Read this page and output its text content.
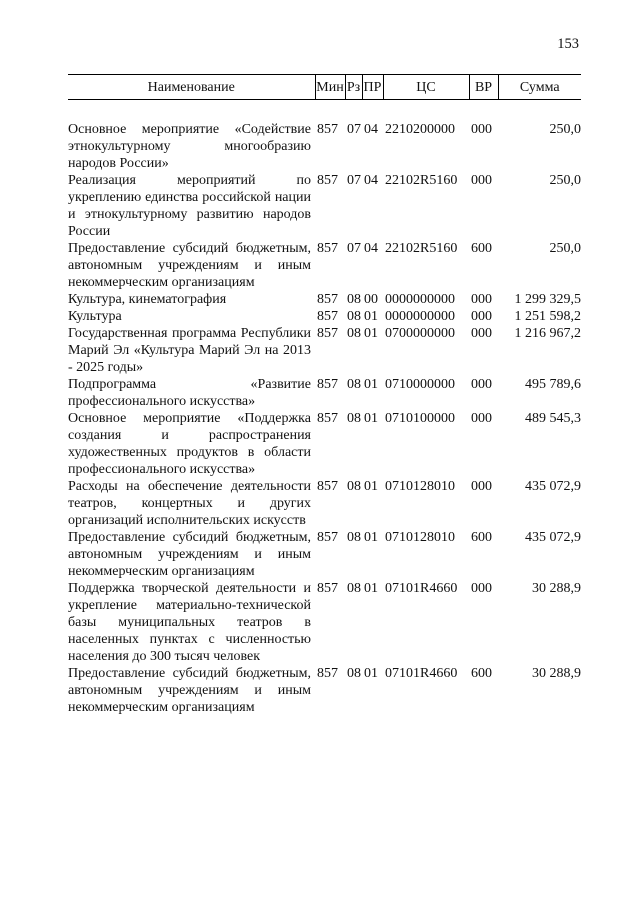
153
Наименование	Мин	Рз	ПР	ЦС	ВР	Сумма

Основное мероприятие «Содействие этнокультурному многообразию народов России»	857	07	04	2210200000	000	250,0
Реализация мероприятий по укреплению единства российской нации и этнокультурному развитию народов России	857	07	04	22102R5160	000	250,0
Предоставление субсидий бюджетным, автономным учреждениям и иным некоммерческим организациям	857	07	04	22102R5160	600	250,0
Культура, кинематография	857	08	00	0000000000	000	1 299 329,5
Культура	857	08	01	0000000000	000	1 251 598,2
Государственная программа Республики Марий Эл «Культура Марий Эл на 2013 - 2025 годы»	857	08	01	0700000000	000	1 216 967,2
Подпрограмма «Развитие профессионального искусства»	857	08	01	0710000000	000	495 789,6
Основное мероприятие «Поддержка создания и распространения художественных продуктов в области профессионального искусства»	857	08	01	0710100000	000	489 545,3
Расходы на обеспечение деятельности театров, концертных и других организаций исполнительских искусств	857	08	01	0710128010	000	435 072,9
Предоставление субсидий бюджетным, автономным учреждениям и иным некоммерческим организациям	857	08	01	0710128010	600	435 072,9
Поддержка творческой деятельности и укрепление материально-технической базы муниципальных театров в населенных пунктах с численностью населения до 300 тысяч человек	857	08	01	07101R4660	000	30 288,9
Предоставление субсидий бюджетным, автономным учреждениям и иным некоммерческим организациям	857	08	01	07101R4660	600	30 288,9
